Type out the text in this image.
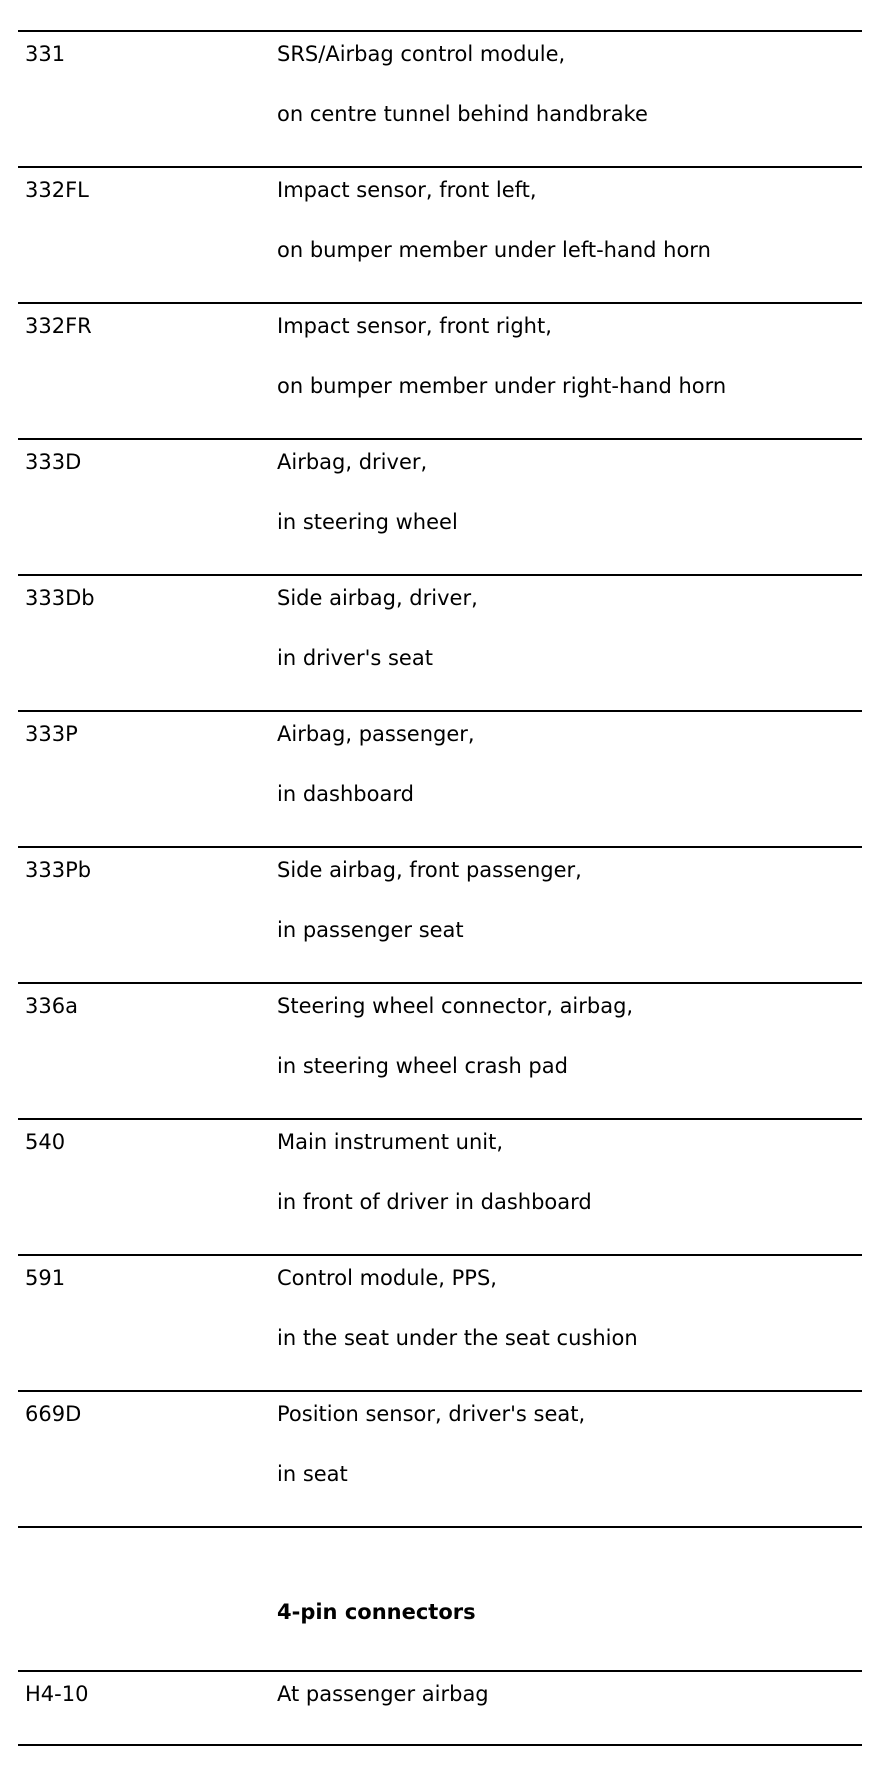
331	SRS/Airbag control module,
on centre tunnel behind handbrake
332FL	Impact sensor, front left,
on bumper member under left-hand horn
332FR	Impact sensor, front right,
on bumper member under right-hand horn
333D	Airbag, driver,
in steering wheel
333Db	Side airbag, driver,
in driver's seat
333P	Airbag, passenger,
in dashboard
333Pb	Side airbag, front passenger,
in passenger seat
336a	Steering wheel connector, airbag,
in steering wheel crash pad
540	Main instrument unit,
in front of driver in dashboard
591	Control module, PPS,
in the seat under the seat cushion
669D	Position sensor, driver's seat,
in seat
4-pin connectors
H4-10	At passenger airbag
